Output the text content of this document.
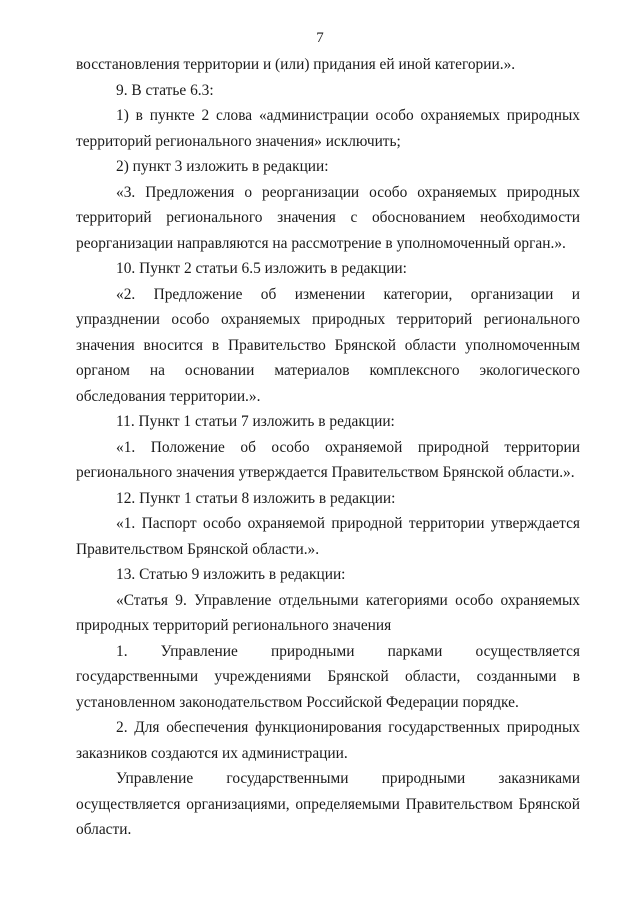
7

восстановления территории и (или) придания ей иной категории.».

9. В статье 6.3:

1) в пункте 2 слова «администрации особо охраняемых природных территорий регионального значения» исключить;

2) пункт 3 изложить в редакции:

«3. Предложения о реорганизации особо охраняемых природных территорий регионального значения с обоснованием необходимости реорганизации направляются на рассмотрение в уполномоченный орган.».

10. Пункт 2 статьи 6.5 изложить в редакции:

«2. Предложение об изменении категории, организации и упразднении особо охраняемых природных территорий регионального значения вносится в Правительство Брянской области уполномоченным органом на основании материалов комплексного экологического обследования территории.».

11. Пункт 1 статьи 7 изложить в редакции:

«1. Положение об особо охраняемой природной территории регионального значения утверждается Правительством Брянской области.».

12. Пункт 1 статьи 8 изложить в редакции:

«1. Паспорт особо охраняемой природной территории утверждается Правительством Брянской области.».

13. Статью 9 изложить в редакции:

«Статья 9. Управление отдельными категориями особо охраняемых природных территорий регионального значения

1. Управление природными парками осуществляется государственными учреждениями Брянской области, созданными в установленном законодательством Российской Федерации порядке.

2. Для обеспечения функционирования государственных природных заказников создаются их администрации.

Управление государственными природными заказниками осуществляется организациями, определяемыми Правительством Брянской области.
